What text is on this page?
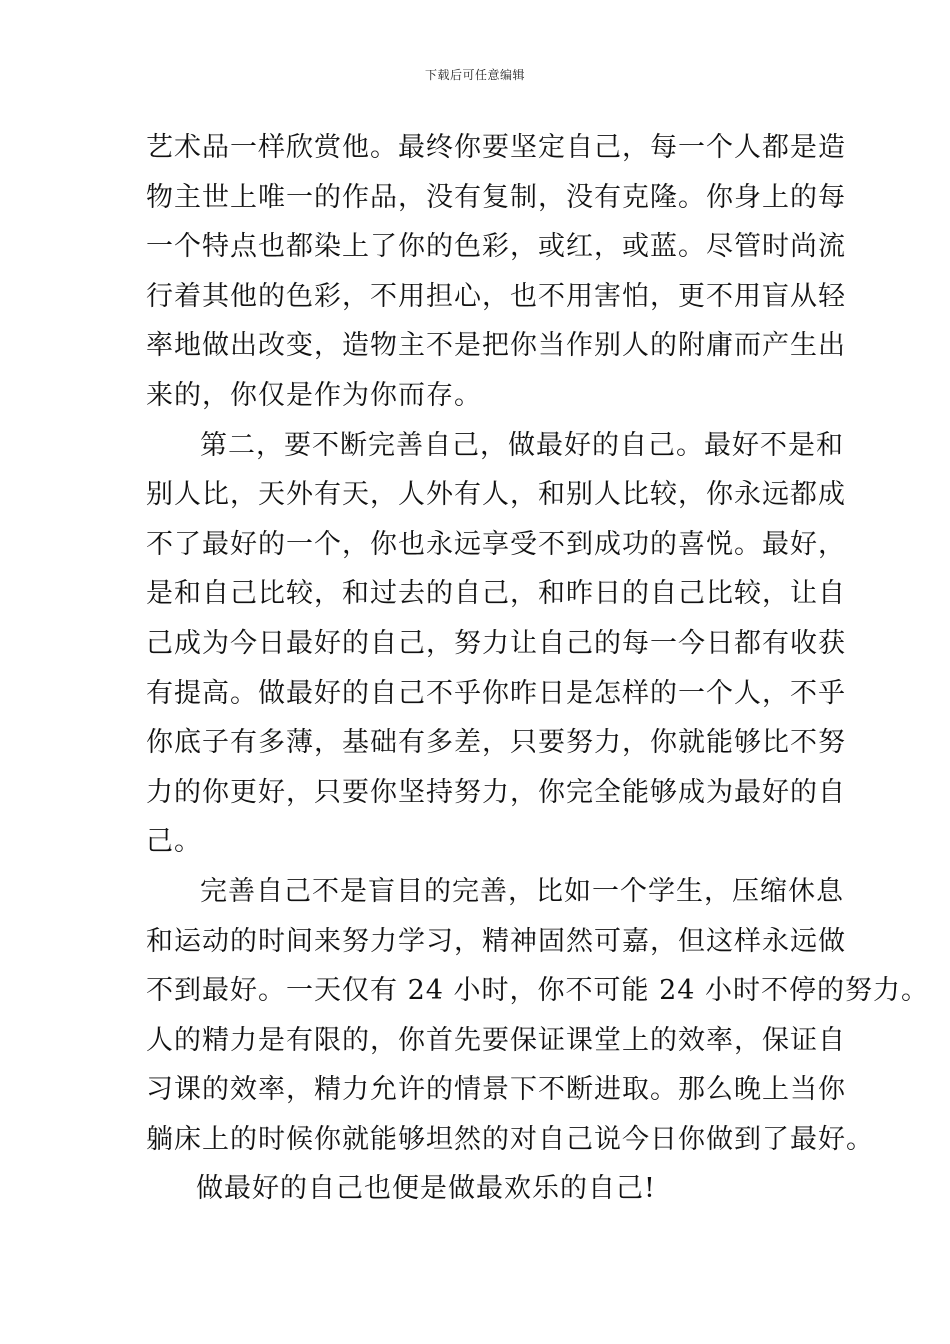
下载后可任意编辑
艺术品一样欣赏他。最终你要坚定自己，每一个人都是造
物主世上唯一的作品，没有复制，没有克隆。你身上的每
一个特点也都染上了你的色彩，或红，或蓝。尽管时尚流
行着其他的色彩，不用担心，也不用害怕，更不用盲从轻
率地做出改变，造物主不是把你当作别人的附庸而产生出
来的，你仅是作为你而存。
第二，要不断完善自己，做最好的自己。最好不是和
别人比，天外有天，人外有人，和别人比较，你永远都成
不了最好的一个，你也永远享受不到成功的喜悦。最好，
是和自己比较，和过去的自己，和昨日的自己比较，让自
己成为今日最好的自己，努力让自己的每一今日都有收获
有提高。做最好的自己不乎你昨日是怎样的一个人，不乎
你底子有多薄，基础有多差，只要努力，你就能够比不努
力的你更好，只要你坚持努力，你完全能够成为最好的自
己。
完善自己不是盲目的完善，比如一个学生，压缩休息
和运动的时间来努力学习，精神固然可嘉，但这样永远做
不到最好。一天仅有 24 小时，你不可能 24 小时不停的努力。
人的精力是有限的，你首先要保证课堂上的效率，保证自
习课的效率，精力允许的情景下不断进取。那么晚上当你
躺床上的时候你就能够坦然的对自己说今日你做到了最好。
做最好的自己也便是做最欢乐的自己!
